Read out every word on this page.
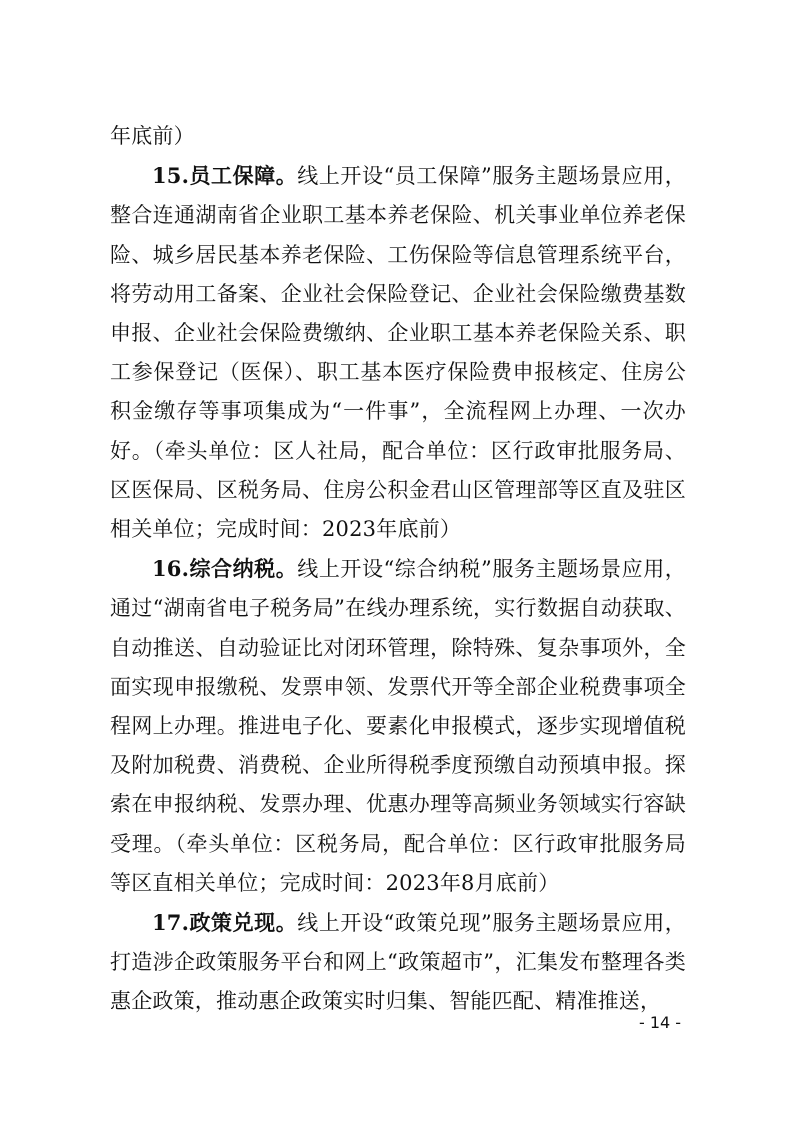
年底前）

15.员工保障。线上开设“员工保障”服务主题场景应用，整合连通湖南省企业职工基本养老保险、机关事业单位养老保险、城乡居民基本养老保险、工伤保险等信息管理系统平台，将劳动用工备案、企业社会保险登记、企业社会保险缴费基数申报、企业社会保险费缴纳、企业职工基本养老保险关系、职工参保登记（医保）、职工基本医疗保险费申报核定、住房公积金缴存等事项集成为“一件事”，全流程网上办理、一次办好。（牵头单位：区人社局，配合单位：区行政审批服务局、区医保局、区税务局、住房公积金君山区管理部等区直及驻区相关单位；完成时间：2023年底前）

16.综合纳税。线上开设“综合纳税”服务主题场景应用，通过“湖南省电子税务局”在线办理系统，实行数据自动获取、自动推送、自动验证比对闭环管理，除特殊、复杂事项外，全面实现申报缴税、发票申领、发票代开等全部企业税费事项全程网上办理。推进电子化、要素化申报模式，逐步实现增值税及附加税费、消费税、企业所得税季度预缴自动预填申报。探索在申报纳税、发票办理、优惠办理等高频业务领域实行容缺受理。（牵头单位：区税务局，配合单位：区行政审批服务局等区直相关单位；完成时间：2023年8月底前）

17.政策兑现。线上开设“政策兑现”服务主题场景应用，打造涉企政策服务平台和网上“政策超市”，汇集发布整理各类惠企政策，推动惠企政策实时归集、智能匹配、精准推送，

- 14 -
